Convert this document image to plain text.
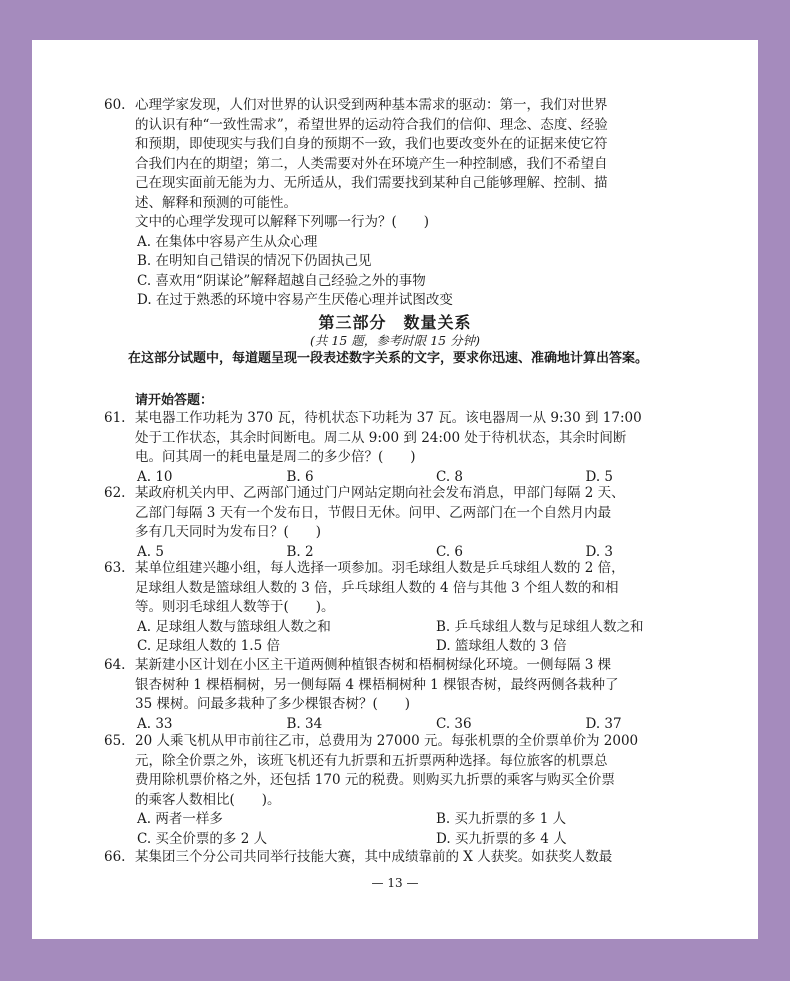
60. 心理学家发现，人们对世界的认识受到两种基本需求的驱动：第一，我们对世界
的认识有种“一致性需求”，希望世界的运动符合我们的信仰、理念、态度、经验
和预期，即使现实与我们自身的预期不一致，我们也要改变外在的证据来使它符
合我们内在的期望；第二，人类需要对外在环境产生一种控制感，我们不希望自
己在现实面前无能为力、无所适从，我们需要找到某种自己能够理解、控制、描
述、解释和预测的可能性。
文中的心理学发现可以解释下列哪一行为？(　　)
A. 在集体中容易产生从众心理
B. 在明知自己错误的情况下仍固执己见
C. 喜欢用“阴谋论”解释超越自己经验之外的事物
D. 在过于熟悉的环境中容易产生厌倦心理并试图改变
第三部分　数量关系
(共 15 题，参考时限 15 分钟)
　　在这部分试题中，每道题呈现一段表述数字关系的文字，要求你迅速、准确地计算出答案。
请开始答题：
61. 某电器工作功耗为 370 瓦，待机状态下功耗为 37 瓦。该电器周一从 9:30 到 17:00
处于工作状态，其余时间断电。周二从 9:00 到 24:00 处于待机状态，其余时间断
电。问其周一的耗电量是周二的多少倍？(　　)
A. 10	B. 6	C. 8	D. 5
62. 某政府机关内甲、乙两部门通过门户网站定期向社会发布消息，甲部门每隔 2 天、
乙部门每隔 3 天有一个发布日，节假日无休。问甲、乙两部门在一个自然月内最
多有几天同时为发布日？(　　)
A. 5	B. 2	C. 6	D. 3
63. 某单位组建兴趣小组，每人选择一项参加。羽毛球组人数是乒乓球组人数的 2 倍，
足球组人数是篮球组人数的 3 倍，乒乓球组人数的 4 倍与其他 3 个组人数的和相
等。则羽毛球组人数等于(　　)。
A. 足球组人数与篮球组人数之和	B. 乒乓球组人数与足球组人数之和
C. 足球组人数的 1.5 倍	D. 篮球组人数的 3 倍
64. 某新建小区计划在小区主干道两侧种植银杏树和梧桐树绿化环境。一侧每隔 3 棵
银杏树种 1 棵梧桐树，另一侧每隔 4 棵梧桐树种 1 棵银杏树，最终两侧各栽种了
35 棵树。问最多栽种了多少棵银杏树？(　　)
A. 33	B. 34	C. 36	D. 37
65. 20 人乘飞机从甲市前往乙市，总费用为 27000 元。每张机票的全价票单价为 2000
元，除全价票之外，该班飞机还有九折票和五折票两种选择。每位旅客的机票总
费用除机票价格之外，还包括 170 元的税费。则购买九折票的乘客与购买全价票
的乘客人数相比(　　)。
A. 两者一样多	B. 买九折票的多 1 人
C. 买全价票的多 2 人	D. 买九折票的多 4 人
66. 某集团三个分公司共同举行技能大赛，其中成绩靠前的 X 人获奖。如获奖人数最
— 13 —
